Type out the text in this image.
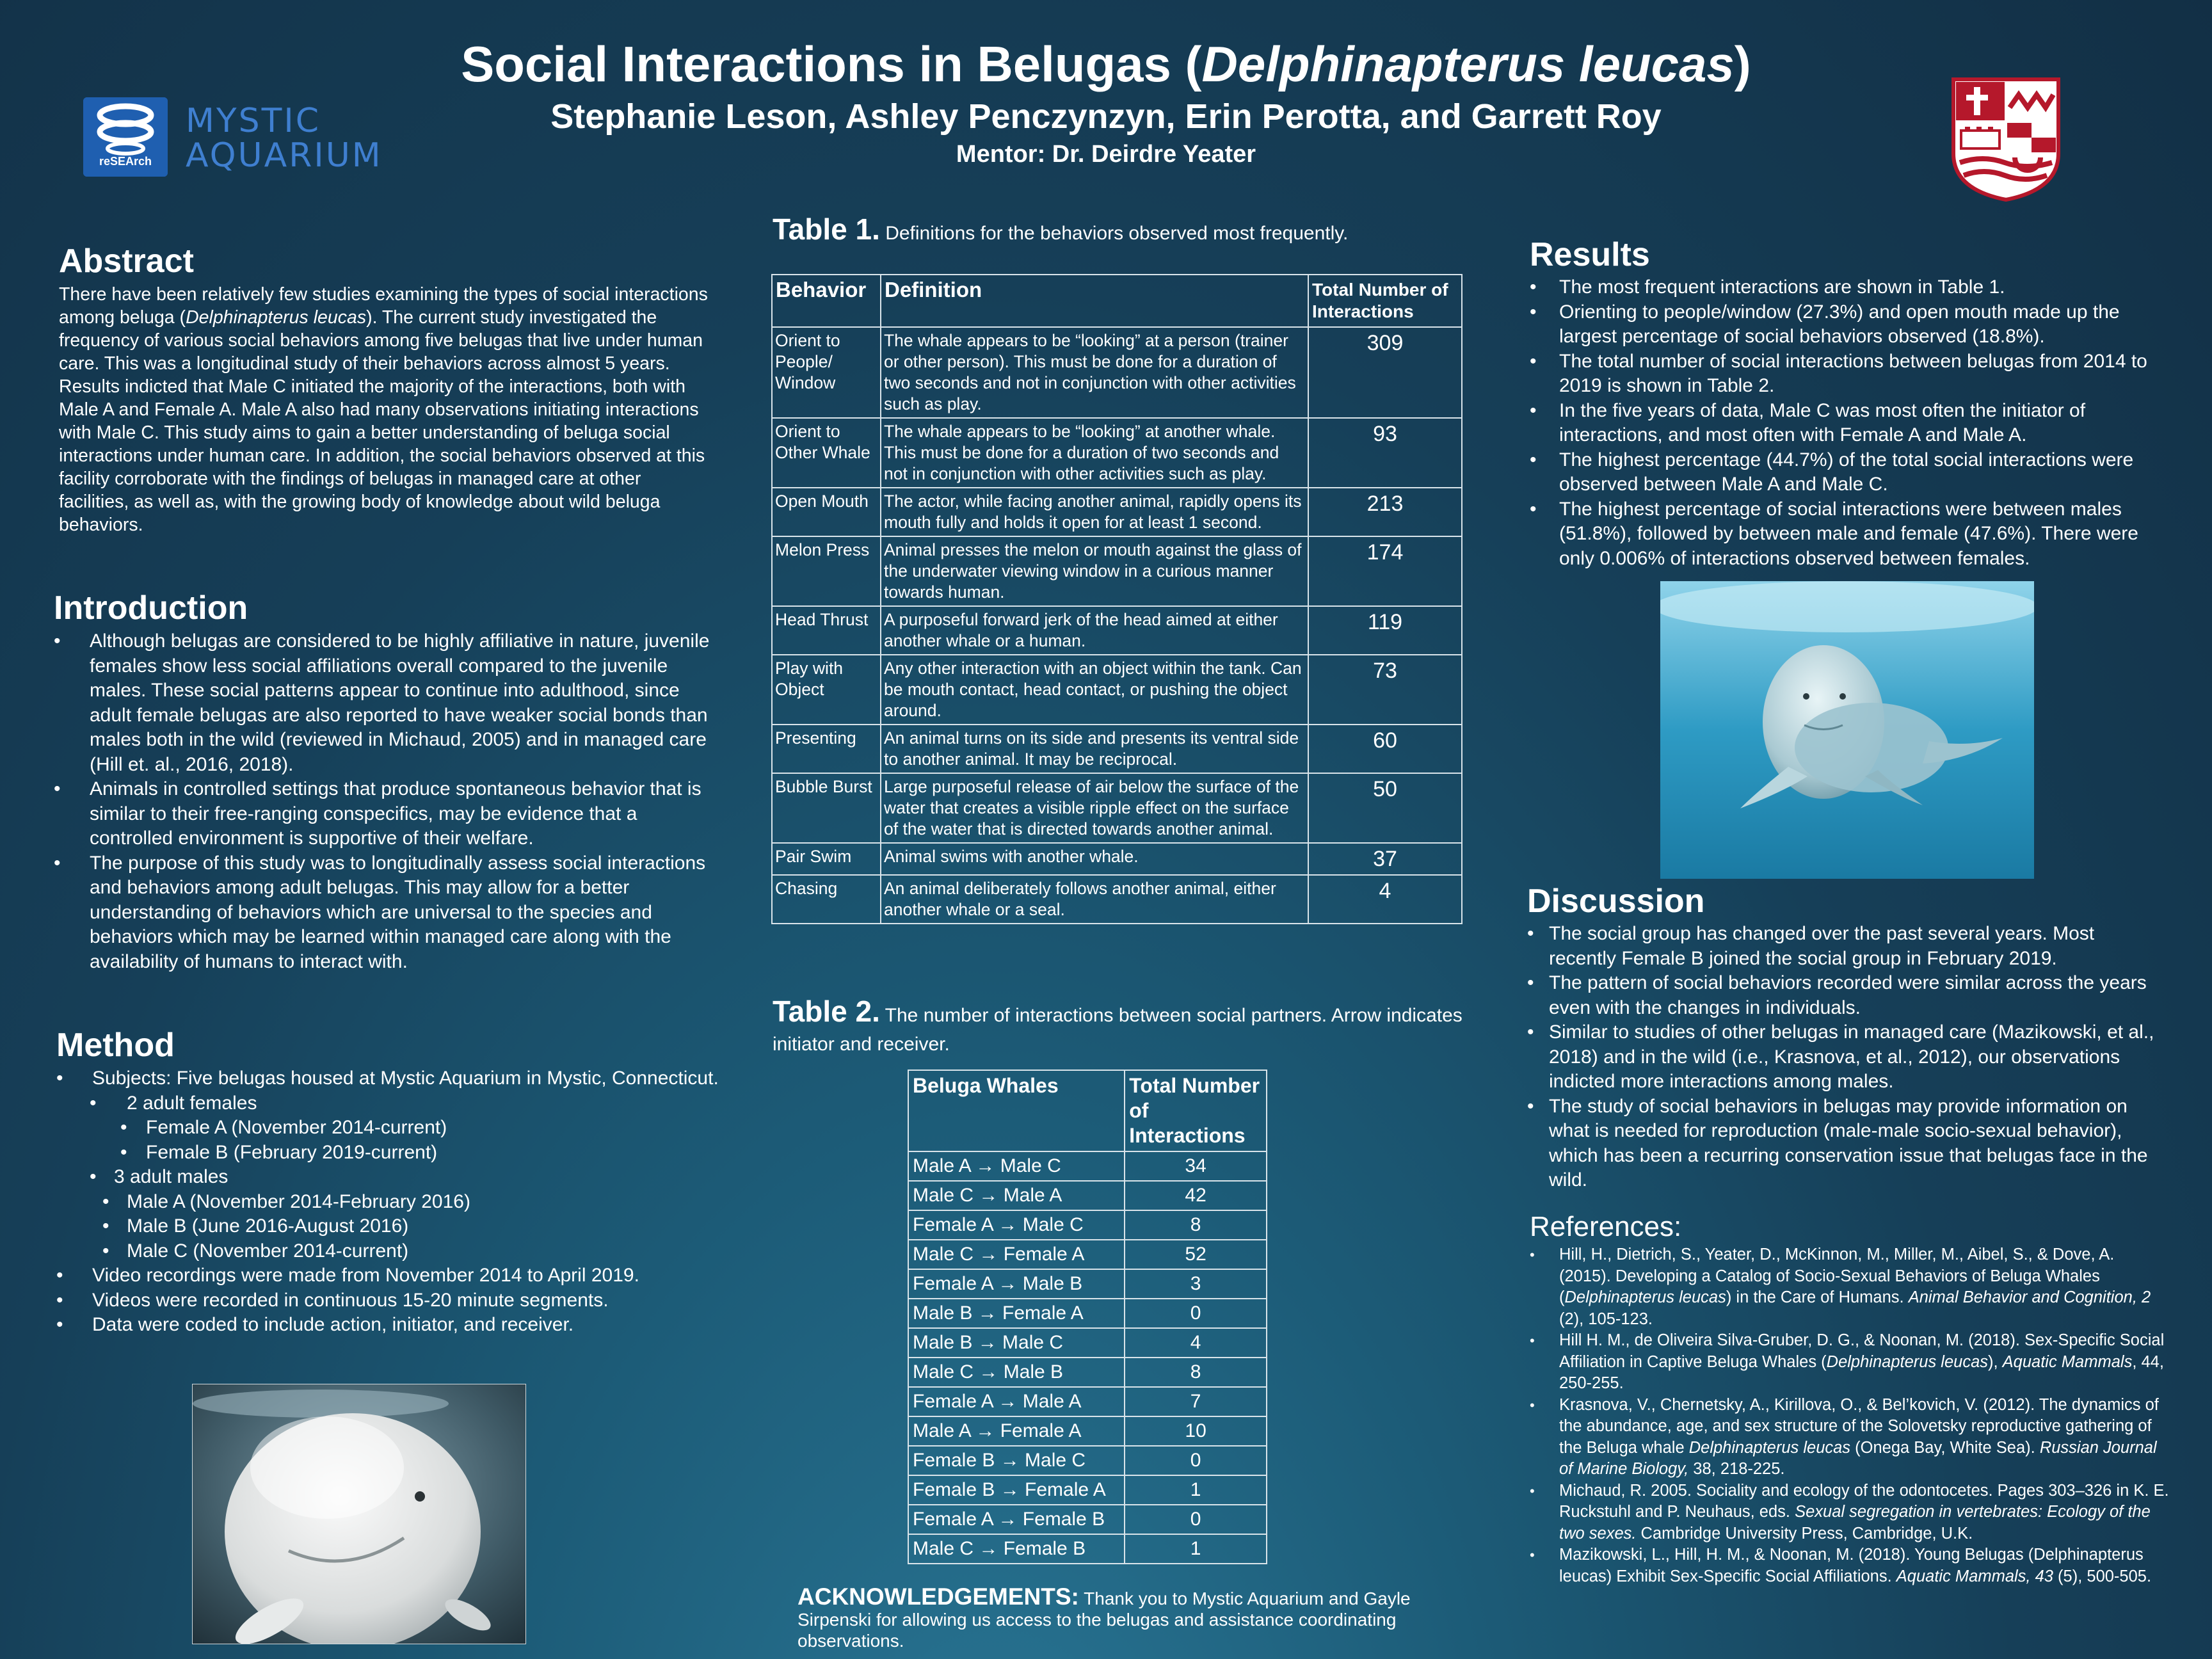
Social Interactions in Belugas (Delphinapterus leucas)
Stephanie Leson, Ashley Penczynzyn, Erin Perotta, and Garrett Roy
Mentor: Dr. Deirdre Yeater
reSEArch
MYSTIC
AQUARIUM
Abstract
There have been relatively few studies examining the types of social interactions among beluga (Delphinapterus leucas). The current study investigated the frequency of various social behaviors among five belugas that live under human care. This was a longitudinal study of their behaviors across almost 5 years. Results indicted that Male C initiated the majority of the interactions, both with Male A and Female A. Male A also had many observations initiating interactions with Male C. This study aims to gain a better understanding of beluga social interactions under human care. In addition, the social behaviors observed at this facility corroborate with the findings of belugas in managed care at other facilities, as well as, with the growing body of knowledge about wild beluga behaviors.
Introduction
• Although belugas are considered to be highly affiliative in nature, juvenile females show less social affiliations overall compared to the juvenile males. These social patterns appear to continue into adulthood, since adult female belugas are also reported to have weaker social bonds than males both in the wild (reviewed in Michaud, 2005) and in managed care (Hill et. al., 2016, 2018).
• Animals in controlled settings that produce spontaneous behavior that is similar to their free-ranging conspecifics, may be evidence that a controlled environment is supportive of their welfare.
• The purpose of this study was to longitudinally assess social interactions and behaviors among adult belugas. This may allow for a better understanding of behaviors which are universal to the species and behaviors which may be learned within managed care along with the availability of humans to interact with.
Method
• Subjects: Five belugas housed at Mystic Aquarium in Mystic, Connecticut.
• 2 adult females
• Female A (November 2014-current)
• Female B (February 2019-current)
• 3 adult males
• Male A (November 2014-February 2016)
• Male B (June 2016-August 2016)
• Male C (November 2014-current)
• Video recordings were made from November 2014 to April 2019.
• Videos were recorded in continuous 15-20 minute segments.
• Data were coded to include action, initiator, and receiver.
Table 1. Definitions for the behaviors observed most frequently.
Behavior	Definition	Total Number of Interactions
Orient to People/ Window	The whale appears to be “looking” at a person (trainer or other person). This must be done for a duration of two seconds and not in conjunction with other activities such as play.	309
Orient to Other Whale	The whale appears to be “looking” at another whale. This must be done for a duration of two seconds and not in conjunction with other activities such as play.	93
Open Mouth	The actor, while facing another animal, rapidly opens its mouth fully and holds it open for at least 1 second.	213
Melon Press	Animal presses the melon or mouth against the glass of the underwater viewing window in a curious manner towards human.	174
Head Thrust	A purposeful forward jerk of the head aimed at either another whale or a human.	119
Play with Object	Any other interaction with an object within the tank. Can be mouth contact, head contact, or pushing the object around.	73
Presenting	An animal turns on its side and presents its ventral side to another animal. It may be reciprocal.	60
Bubble Burst	Large purposeful release of air below the surface of the water that creates a visible ripple effect on the surface of the water that is directed towards another animal.	50
Pair Swim	Animal swims with another whale.	37
Chasing	An animal deliberately follows another animal, either another whale or a seal.	4
Table 2. The number of interactions between social partners. Arrow indicates initiator and receiver.
Beluga Whales	Total Number of Interactions
Male A → Male C	34
Male C → Male A	42
Female A → Male C	8
Male C → Female A	52
Female A → Male B	3
Male B → Female A	0
Male B → Male C	4
Male C → Male B	8
Female A → Male A	7
Male A → Female A	10
Female B → Male C	0
Female B → Female A	1
Female A → Female B	0
Male C → Female B	1
ACKNOWLEDGEMENTS: Thank you to Mystic Aquarium and Gayle Sirpenski for allowing us access to the belugas and assistance coordinating observations.
Results
• The most frequent interactions are shown in Table 1.
• Orienting to people/window (27.3%) and open mouth made up the largest percentage of social behaviors observed (18.8%).
• The total number of social interactions between belugas from 2014 to 2019 is shown in Table 2.
• In the five years of data, Male C was most often the initiator of interactions, and most often with Female A and Male A.
• The highest percentage (44.7%) of the total social interactions were observed between Male A and Male C.
• The highest percentage of social interactions were between males (51.8%), followed by between male and female (47.6%). There were only 0.006% of interactions observed between females.
Discussion
• The social group has changed over the past several years. Most recently Female B joined the social group in February 2019.
• The pattern of social behaviors recorded were similar across the years even with the changes in individuals.
• Similar to studies of other belugas in managed care (Mazikowski, et al., 2018) and in the wild (i.e., Krasnova, et al., 2012), our observations indicted more interactions among males.
• The study of social behaviors in belugas may provide information on what is needed for reproduction (male-male socio-sexual behavior), which has been a recurring conservation issue that belugas face in the wild.
References:
• Hill, H., Dietrich, S., Yeater, D., McKinnon, M., Miller, M., Aibel, S., & Dove, A. (2015). Developing a Catalog of Socio-Sexual Behaviors of Beluga Whales (Delphinapterus leucas) in the Care of Humans. Animal Behavior and Cognition, 2 (2), 105-123.
• Hill H. M., de Oliveira Silva-Gruber, D. G., & Noonan, M. (2018). Sex-Specific Social Affiliation in Captive Beluga Whales (Delphinapterus leucas), Aquatic Mammals, 44, 250-255.
• Krasnova, V., Chernetsky, A., Kirillova, O., & Bel’kovich, V. (2012). The dynamics of the abundance, age, and sex structure of the Solovetsky reproductive gathering of the Beluga whale Delphinapterus leucas (Onega Bay, White Sea). Russian Journal of Marine Biology, 38, 218-225.
• Michaud, R. 2005. Sociality and ecology of the odontocetes. Pages 303–326 in K. E. Ruckstuhl and P. Neuhaus, eds. Sexual segregation in vertebrates: Ecology of the two sexes. Cambridge University Press, Cambridge, U.K.
• Mazikowski, L., Hill, H. M., & Noonan, M. (2018). Young Belugas (Delphinapterus leucas) Exhibit Sex-Specific Social Affiliations. Aquatic Mammals, 43 (5), 500-505.
